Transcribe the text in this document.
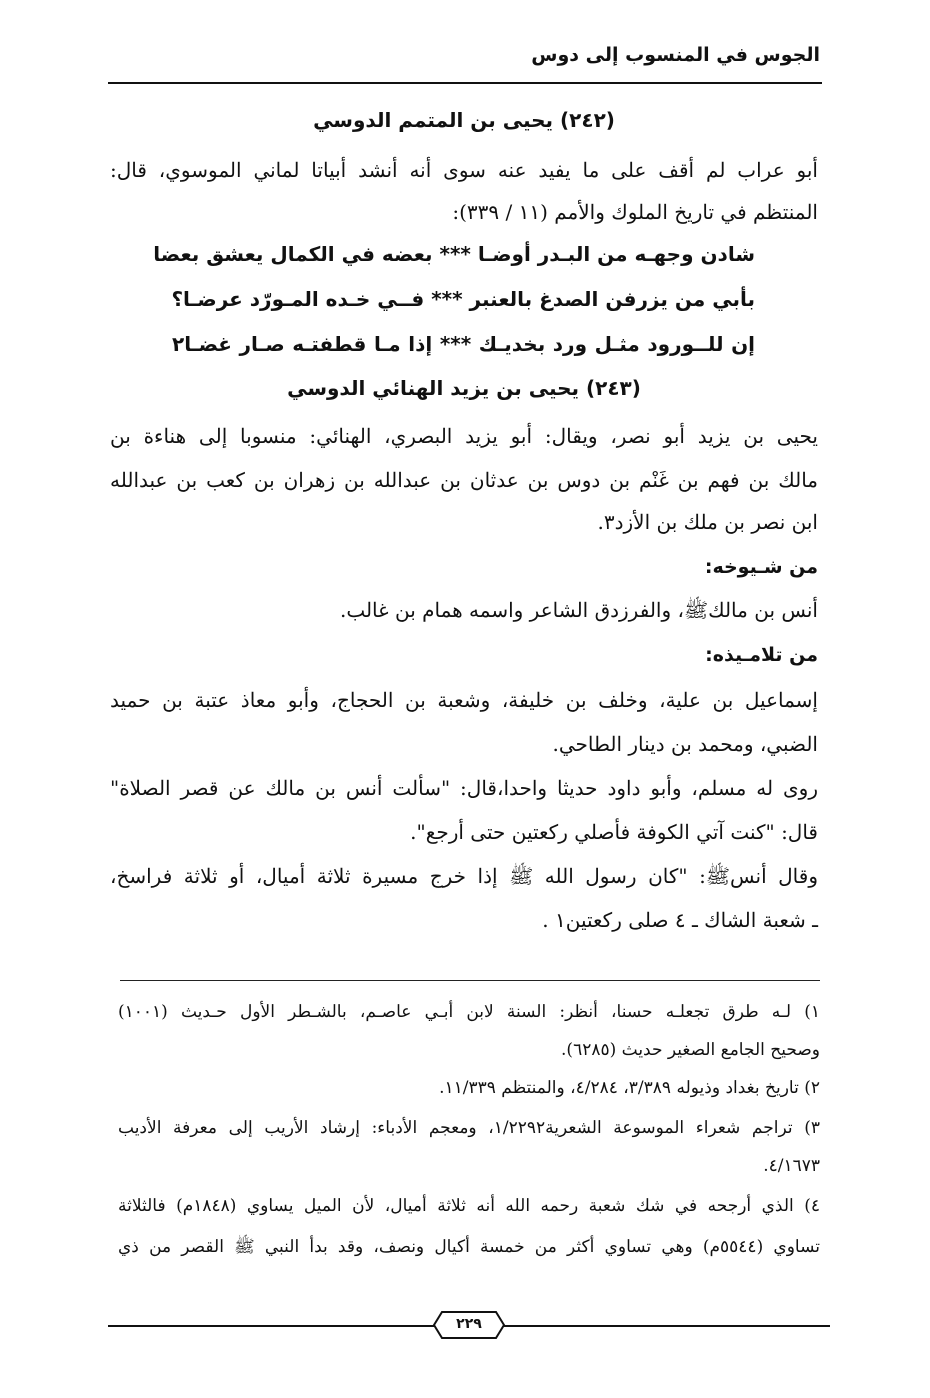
الجوس في المنسوب إلى دوس
(٢٤٢) يحيى بن المتمم الدوسي
أبو عراب لم أقف على ما يفيد عنه سوى أنه أنشد أبياتا لماني الموسوي، قال:
المنتظم في تاريخ الملوك والأمم (١١ / ٣٣٩):
شادن وجهـه من البـدر أوضـا *** بعضه في الكمال يعشق بعضا
بأبي من يزرفن الصدغ بالعنبر *** فــي خـده المـورّد عرضـا؟
إن للــورود مثـل ورد بخديـك *** إذا مـا قطفتـه صـار غضـا٢
(٢٤٣) يحيى بن يزيد الهنائي الدوسي
يحيى بن يزيد أبو نصر، ويقال: أبو يزيد البصري، الهنائي: منسوبا إلى هناءة بن
مالك بن فهم بن غَنْم بن دوس بن عدثان بن عبدالله بن زهران بن كعب بن عبدالله
ابن نصر بن ملك بن الأزد٣.
من شـيوخه:
أنس بن مالكﷺ، والفرزدق الشاعر واسمه همام بن غالب.
من تلامـيذه:
إسماعيل بن علية، وخلف بن خليفة، وشعبة بن الحجاج، وأبو معاذ عتبة بن حميد
الضبي، ومحمد بن دينار الطاحي.
روى له مسلم، وأبو داود حديثا واحدا،قال: "سألت أنس بن مالك عن قصر الصلاة"
قال: "كنت آتي الكوفة فأصلي ركعتين حتى أرجع".
وقال أنسﷺ: "كان رسول الله ﷺ إذا خرج مسيرة ثلاثة أميال، أو ثلاثة فراسخ،
ـ شعبة الشاك ـ ٤ صلى ركعتين١ .
١) لـه طرق تجعلـه حسنا، أنظر: السنة لابن أبـي عاصـم، بالشـطر الأول حـديث (١٠٠١)
وصحيح الجامع الصغير حديث (٦٢٨٥).
٢) تاريخ بغداد وذيوله ٣/٣٨٩، ٤/٢٨٤، والمنتظم ١١/٣٣٩.
٣) تراجم شعراء الموسوعة الشعرية١/٢٢٩٢، ومعجم الأدباء: إرشاد الأريب إلى معرفة الأديب
٤/١٦٧٣.
٤) الذي أرجحه في شك شعبة رحمه الله أنه ثلاثة أميال، لأن الميل يساوي (١٨٤٨م) فالثلاثة
تساوي (٥٥٤٤م) وهي تساوي أكثر من خمسة أكيال ونصف، وقد بدأ النبي ﷺ القصر من ذي
٢٢٩
